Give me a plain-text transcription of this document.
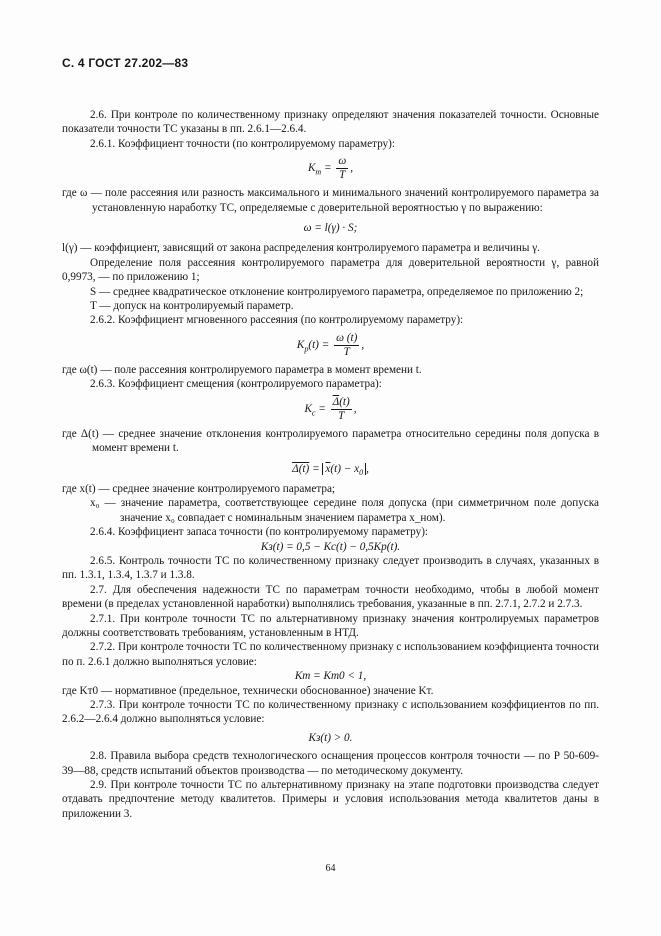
С. 4 ГОСТ 27.202—83

2.6. При контроле по количественному признаку определяют значения показателей точности. Основные показатели точности ТС указаны в пп. 2.6.1—2.6.4.

2.6.1. Коэффициент точности (по контролируемому параметру):

$K_т = \frac{\omega}{T}$ ,

где ω — поле рассеяния или разность максимального и минимального значений контролируемого параметра за установленную наработку ТС, определяемые с доверительной вероятностью γ по выражению:

ω = l(γ) · S;

l(γ) — коэффициент, зависящий от закона распределения контролируемого параметра и величины γ.

Определение поля рассеяния контролируемого параметра для доверительной вероятности γ, равной 0,9973, — по приложению 1;

S — среднее квадратическое отклонение контролируемого параметра, определяемое по приложению 2;

T — допуск на контролируемый параметр.

2.6.2. Коэффициент мгновенного рассеяния (по контролируемому параметру):

$K_р(t) = \frac{\omega (t)}{T}$ ,

где ω(t) — поле рассеяния контролируемого параметра в момент времени t.

2.6.3. Коэффициент смещения (контролируемого параметра):

$K_с = \frac{\overline{\Delta}(t)}{T}$ ,

где Δ(t) — среднее значение отклонения контролируемого параметра относительно середины поля допуска в момент времени t.

$\Delta(t) = \overline{x}(t) - x_0$ ,

где x(t) — среднее значение контролируемого параметра;

x₀ — значение параметра, соответствующее середине поля допуска (при симметричном поле допуска значение x₀ совпадает с номинальным значением параметра x_ном).

2.6.4. Коэффициент запаса точности (по контролируемому параметру):

Kз(t) = 0,5 − Kс(t) − 0,5Kр(t).

2.6.5. Контроль точности ТС по количественному признаку следует производить в случаях, указанных в пп. 1.3.1, 1.3.4, 1.3.7 и 1.3.8.

2.7. Для обеспечения надежности ТС по параметрам точности необходимо, чтобы в любой момент времени (в пределах установленной наработки) выполнялись требования, указанные в пп. 2.7.1, 2.7.2 и 2.7.3.

2.7.1. При контроле точности ТС по альтернативному признаку значения контролируемых параметров должны соответствовать требованиям, установленным в НТД.

2.7.2. При контроле точности ТС по количественному признаку с использованием коэффициента точности по п. 2.6.1 должно выполняться условие:

Kт = Kт0 < 1,

где Kт0 — нормативное (предельное, технически обоснованное) значение Kт.

2.7.3. При контроле точности ТС по количественному признаку с использованием коэффициентов по пп. 2.6.2—2.6.4 должно выполняться условие:

Kз(t) > 0.

2.8. Правила выбора средств технологического оснащения процессов контроля точности — по Р 50-609-39—88, средств испытаний объектов производства — по методическому документу.

2.9. При контроле точности ТС по альтернативному признаку на этапе подготовки производства следует отдавать предпочтение методу квалитетов. Примеры и условия использования метода квалитетов даны в приложении 3.

64
